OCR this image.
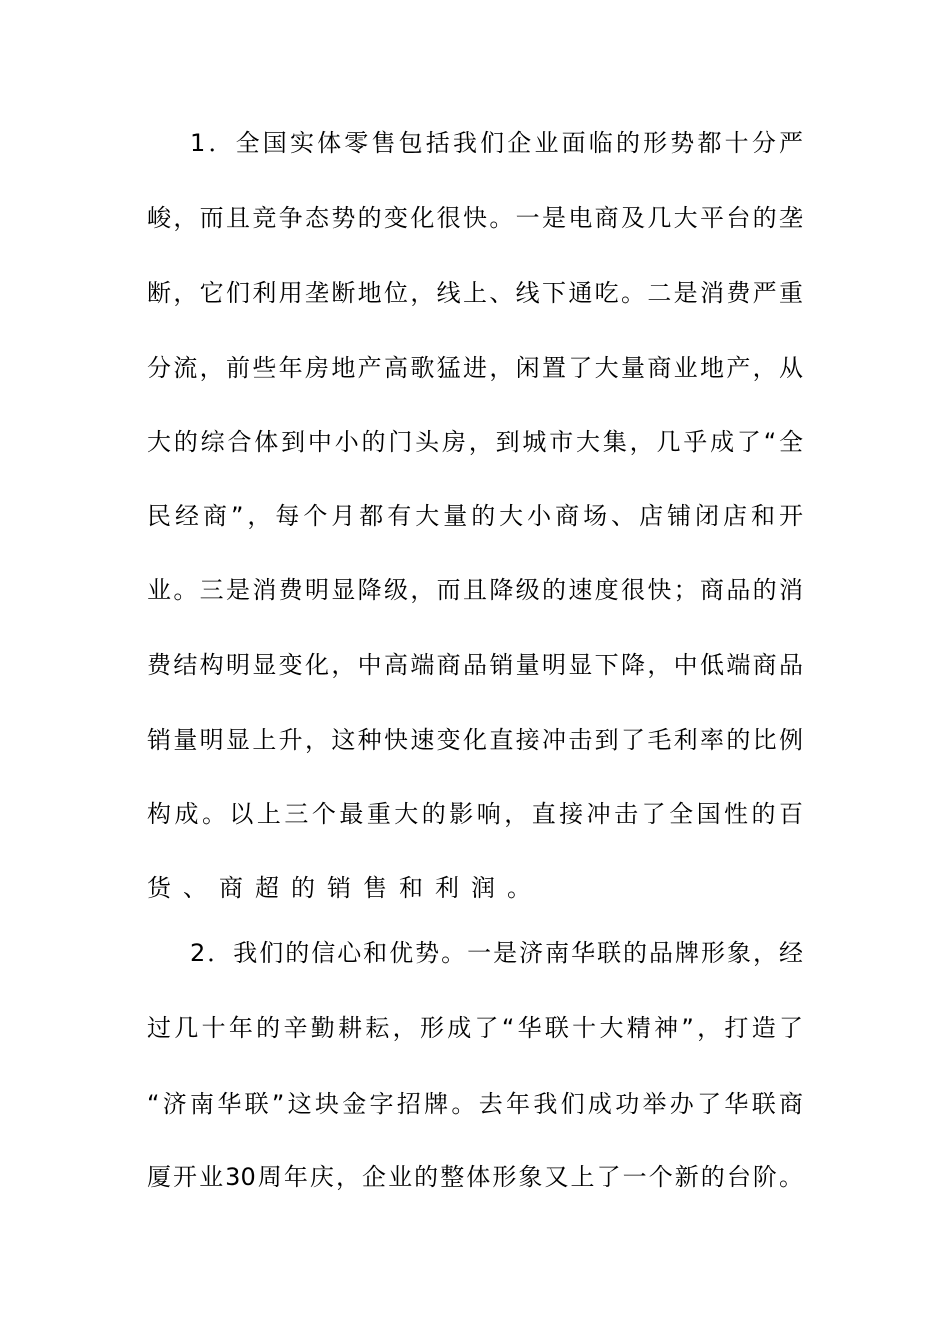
1．全国实体零售包括我们企业面临的形势都十分严
峻，而且竞争态势的变化很快。一是电商及几大平台的垄
断，它们利用垄断地位，线上、线下通吃。二是消费严重
分流，前些年房地产高歌猛进，闲置了大量商业地产，从
大的综合体到中小的门头房，到城市大集，几乎成了“全
民经商”，每个月都有大量的大小商场、店铺闭店和开
业。三是消费明显降级，而且降级的速度很快；商品的消
费结构明显变化，中高端商品销量明显下降，中低端商品
销量明显上升，这种快速变化直接冲击到了毛利率的比例
构成。以上三个最重大的影响，直接冲击了全国性的百
货、商超的销售和利润。
2．我们的信心和优势。一是济南华联的品牌形象，经
过几十年的辛勤耕耘，形成了“华联十大精神”，打造了
“济南华联”这块金字招牌。去年我们成功举办了华联商
厦开业30周年庆，企业的整体形象又上了一个新的台阶。
